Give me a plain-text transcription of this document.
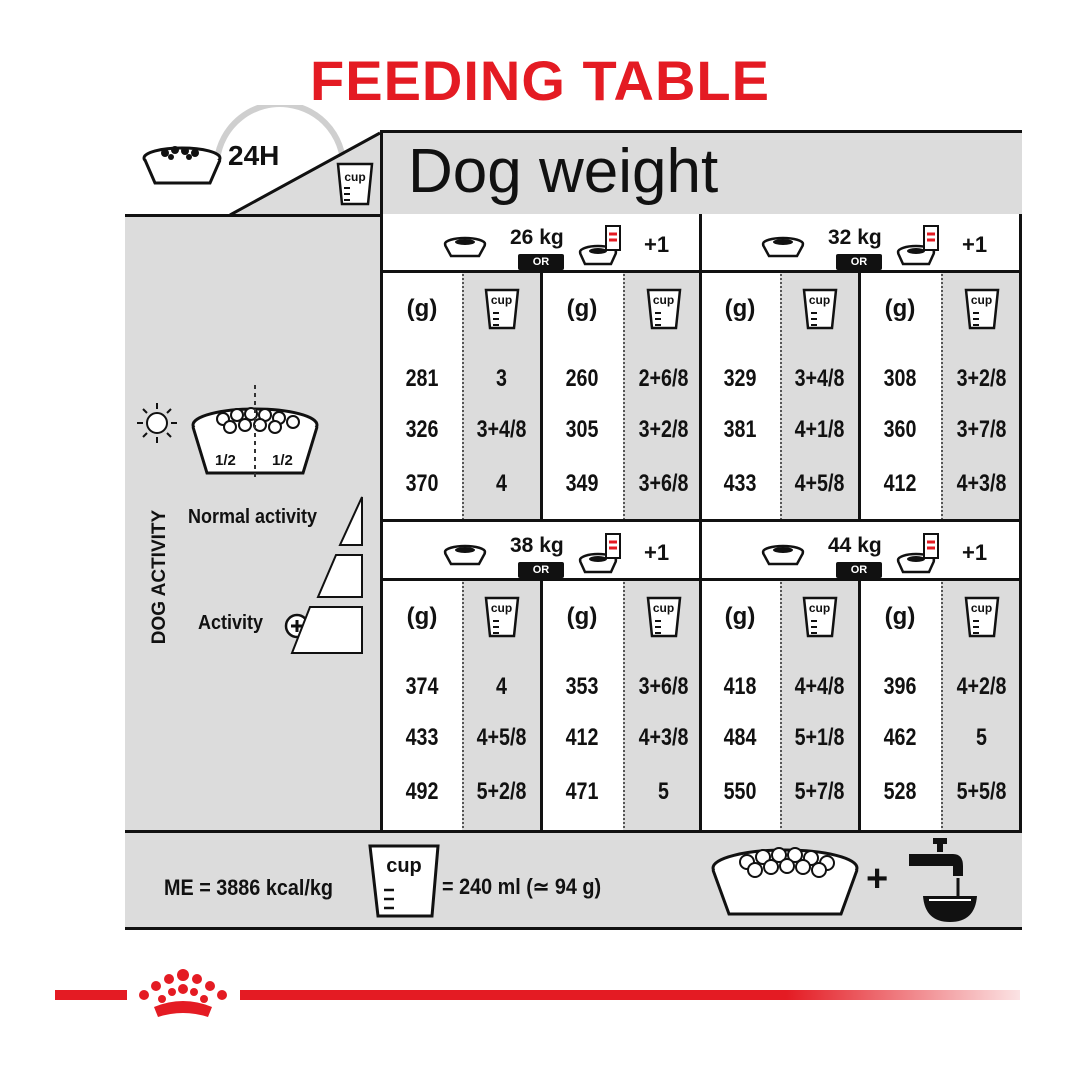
FEEDING TABLE
24H
cup Dog weight
1/2 1/2
Normal activity
Activity
DOG ACTIVITY
26 kg
OR
+1
(g)
281
326
370
cup
3
3+4/8
4
(g)
260
305
349
cup
2+6/8
3+2/8
3+6/8
32 kg
OR
+1
(g)
329
381
433
cup
3+4/8
4+1/8
4+5/8
(g)
308
360
412
cup
3+2/8
3+7/8
4+3/8
38 kg
OR
+1
(g)
374
433
492
cup
4
4+5/8
5+2/8
(g)
353
412
471
cup
3+6/8
4+3/8
5
44 kg
OR
+1
(g)
418
484
550
cup
4+4/8
5+1/8
5+7/8
(g)
396
462
528
cup
4+2/8
5
5+5/8
ME = 3886 kcal/kg
cup
= 240 ml (≃ 94 g)	+
